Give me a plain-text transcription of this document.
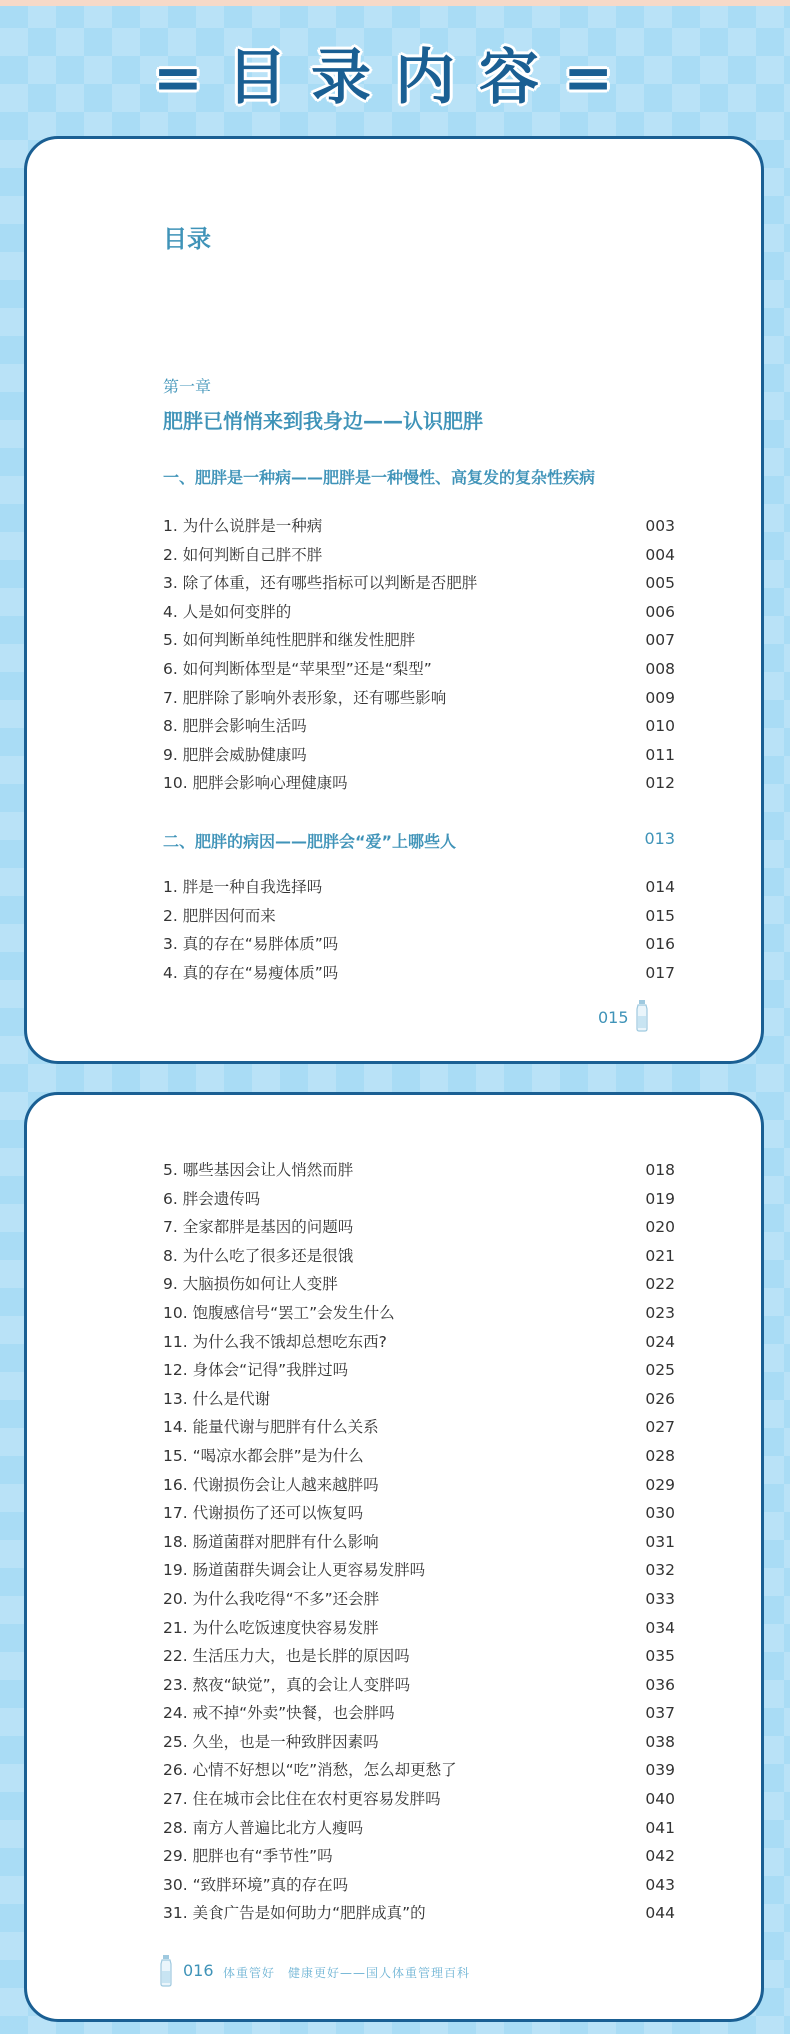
=目录内容=
目录
第一章
肥胖已悄悄来到我身边——认识肥胖
一、肥胖是一种病——肥胖是一种慢性、高复发的复杂性疾病
1. 为什么说胖是一种病	003
2. 如何判断自己胖不胖	004
3. 除了体重，还有哪些指标可以判断是否肥胖	005
4. 人是如何变胖的	006
5. 如何判断单纯性肥胖和继发性肥胖	007
6. 如何判断体型是“苹果型”还是“梨型”	008
7. 肥胖除了影响外表形象，还有哪些影响	009
8. 肥胖会影响生活吗	010
9. 肥胖会威胁健康吗	011
10. 肥胖会影响心理健康吗	012
二、肥胖的病因——肥胖会“爱”上哪些人	013
1. 胖是一种自我选择吗	014
2. 肥胖因何而来	015
3. 真的存在“易胖体质”吗	016
4. 真的存在“易瘦体质”吗	017
015
5. 哪些基因会让人悄然而胖	018
6. 胖会遗传吗	019
7. 全家都胖是基因的问题吗	020
8. 为什么吃了很多还是很饿	021
9. 大脑损伤如何让人变胖	022
10. 饱腹感信号“罢工”会发生什么	023
11. 为什么我不饿却总想吃东西?	024
12. 身体会“记得”我胖过吗	025
13. 什么是代谢	026
14. 能量代谢与肥胖有什么关系	027
15. “喝凉水都会胖”是为什么	028
16. 代谢损伤会让人越来越胖吗	029
17. 代谢损伤了还可以恢复吗	030
18. 肠道菌群对肥胖有什么影响	031
19. 肠道菌群失调会让人更容易发胖吗	032
20. 为什么我吃得“不多”还会胖	033
21. 为什么吃饭速度快容易发胖	034
22. 生活压力大，也是长胖的原因吗	035
23. 熬夜“缺觉”，真的会让人变胖吗	036
24. 戒不掉“外卖”快餐，也会胖吗	037
25. 久坐，也是一种致胖因素吗	038
26. 心情不好想以“吃”消愁，怎么却更愁了	039
27. 住在城市会比住在农村更容易发胖吗	040
28. 南方人普遍比北方人瘦吗	041
29. 肥胖也有“季节性”吗	042
30. “致胖环境”真的存在吗	043
31. 美食广告是如何助力“肥胖成真”的	044
016 体重管好　健康更好——国人体重管理百科
